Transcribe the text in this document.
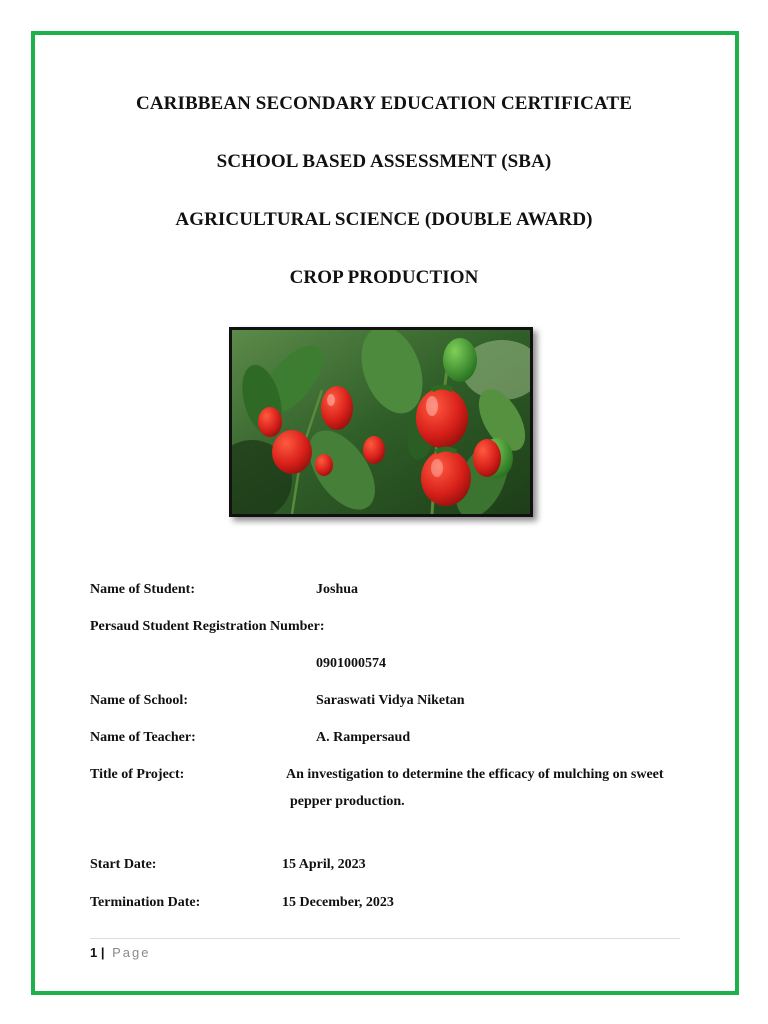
CARIBBEAN SECONDARY EDUCATION CERTIFICATE
SCHOOL BASED ASSESSMENT (SBA)
AGRICULTURAL SCIENCE (DOUBLE AWARD)
CROP PRODUCTION
Name of Student:	Joshua
Persaud Student Registration Number:
0901000574
Name of School:	Saraswati Vidya Niketan
Name of Teacher:	A. Rampersaud
Title of Project:	An investigation to determine the efficacy of mulching on sweet
pepper production.
Start Date:	15 April, 2023
Termination Date:	15 December, 2023
1 | Page
